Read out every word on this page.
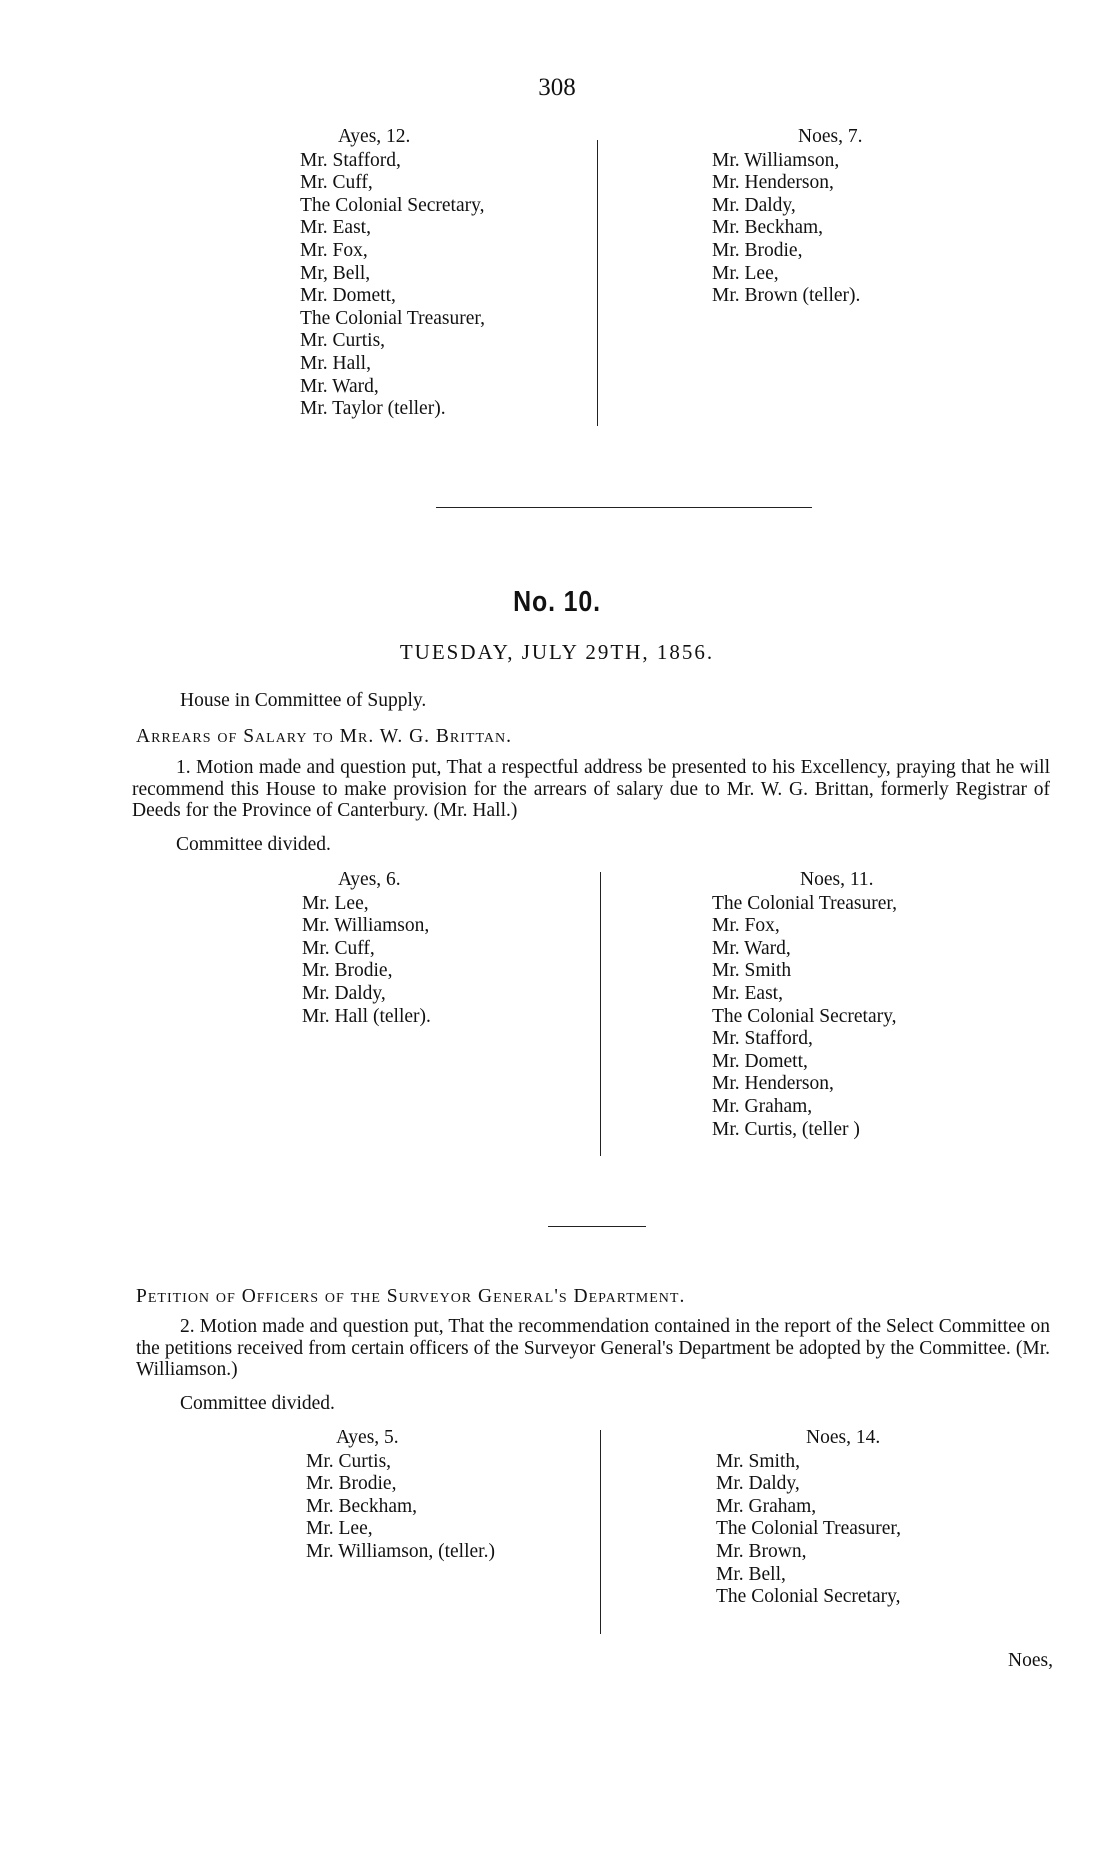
308
Ayes, 12.
Mr. Stafford,
Mr. Cuff,
The Colonial Secretary,
Mr. East,
Mr. Fox,
Mr, Bell,
Mr. Domett,
The Colonial Treasurer,
Mr. Curtis,
Mr. Hall,
Mr. Ward,
Mr. Taylor (teller).
Noes, 7.
Mr. Williamson,
Mr. Henderson,
Mr. Daldy,
Mr. Beckham,
Mr. Brodie,
Mr. Lee,
Mr. Brown (teller).
No. 10.
TUESDAY, JULY 29TH, 1856.
House in Committee of Supply.
Arrears of Salary to Mr. W. G. Brittan.

1. Motion made and question put, That a respectful address be presented to his Excellency, praying that he will recommend this House to make provision for the arrears of salary due to Mr. W. G. Brittan, formerly Registrar of Deeds for the Province of Canterbury. (Mr. Hall.)

Committee divided.
Ayes, 6.
Mr. Lee,
Mr. Williamson,
Mr. Cuff,
Mr. Brodie,
Mr. Daldy,
Mr. Hall (teller).
Noes, 11.
The Colonial Treasurer,
Mr. Fox,
Mr. Ward,
Mr. Smith
Mr. East,
The Colonial Secretary,
Mr. Stafford,
Mr. Domett,
Mr. Henderson,
Mr. Graham,
Mr. Curtis, (teller )
Petition of Officers of the Surveyor General's Department.

2. Motion made and question put, That the recommendation contained in the report of the Select Committee on the petitions received from certain officers of the Surveyor General's Department be adopted by the Committee. (Mr. Williamson.)

Committee divided.
Ayes, 5.
Mr. Curtis,
Mr. Brodie,
Mr. Beckham,
Mr. Lee,
Mr. Williamson, (teller.)
Noes, 14.
Mr. Smith,
Mr. Daldy,
Mr. Graham,
The Colonial Treasurer,
Mr. Brown,
Mr. Bell,
The Colonial Secretary,
Noes,
